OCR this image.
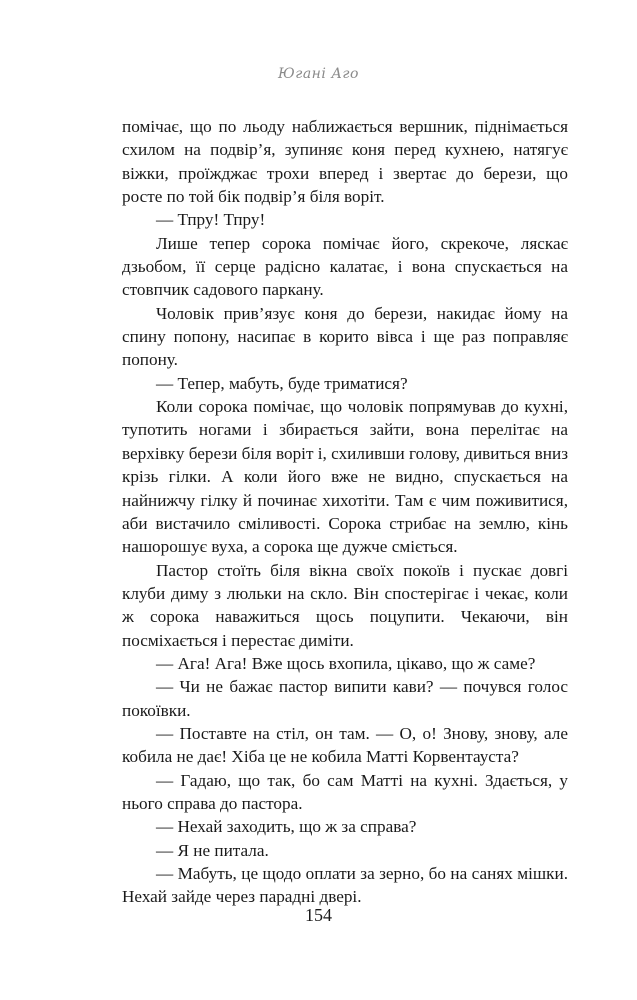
Югані Аго

помічає, що по льоду наближається вершник, піднімається схилом на подвір’я, зупиняє коня перед кухнею, натягує віжки, проїжджає трохи вперед і звертає до берези, що росте по той бік подвір’я біля воріт.

— Тпру! Тпру!

Лише тепер сорока помічає його, скрекоче, ляскає дзьобом, її серце радісно калатає, і вона спускається на стовпчик садового паркану.

Чоловік прив’язує коня до берези, накидає йому на спину попону, насипає в корито вівса і ще раз поправляє попону.

— Тепер, мабуть, буде триматися?

Коли сорока помічає, що чоловік попрямував до кухні, тупотить ногами і збирається зайти, вона перелітає на верхівку берези біля воріт і, схиливши голову, дивиться вниз крізь гілки. А коли його вже не видно, спускається на найнижчу гілку й починає хихотіти. Там є чим поживитися, аби вистачило сміливості. Сорока стрибає на землю, кінь нашорошує вуха, а сорока ще дужче сміється.

Пастор стоїть біля вікна своїх покоїв і пускає довгі клуби диму з люльки на скло. Він спостерігає і чекає, коли ж сорока наважиться щось поцупити. Чекаючи, він посміхається і перестає диміти.

— Ага! Ага! Вже щось вхопила, цікаво, що ж саме?

— Чи не бажає пастор випити кави? — почувся голос покоївки.

— Поставте на стіл, он там. — О, о! Знову, знову, але кобила не дає! Хіба це не кобила Матті Корвентауста?

— Гадаю, що так, бо сам Матті на кухні. Здається, у нього справа до пастора.

— Нехай заходить, що ж за справа?

— Я не питала.

— Мабуть, це щодо оплати за зерно, бо на санях мішки. Нехай зайде через парадні двері.

154
